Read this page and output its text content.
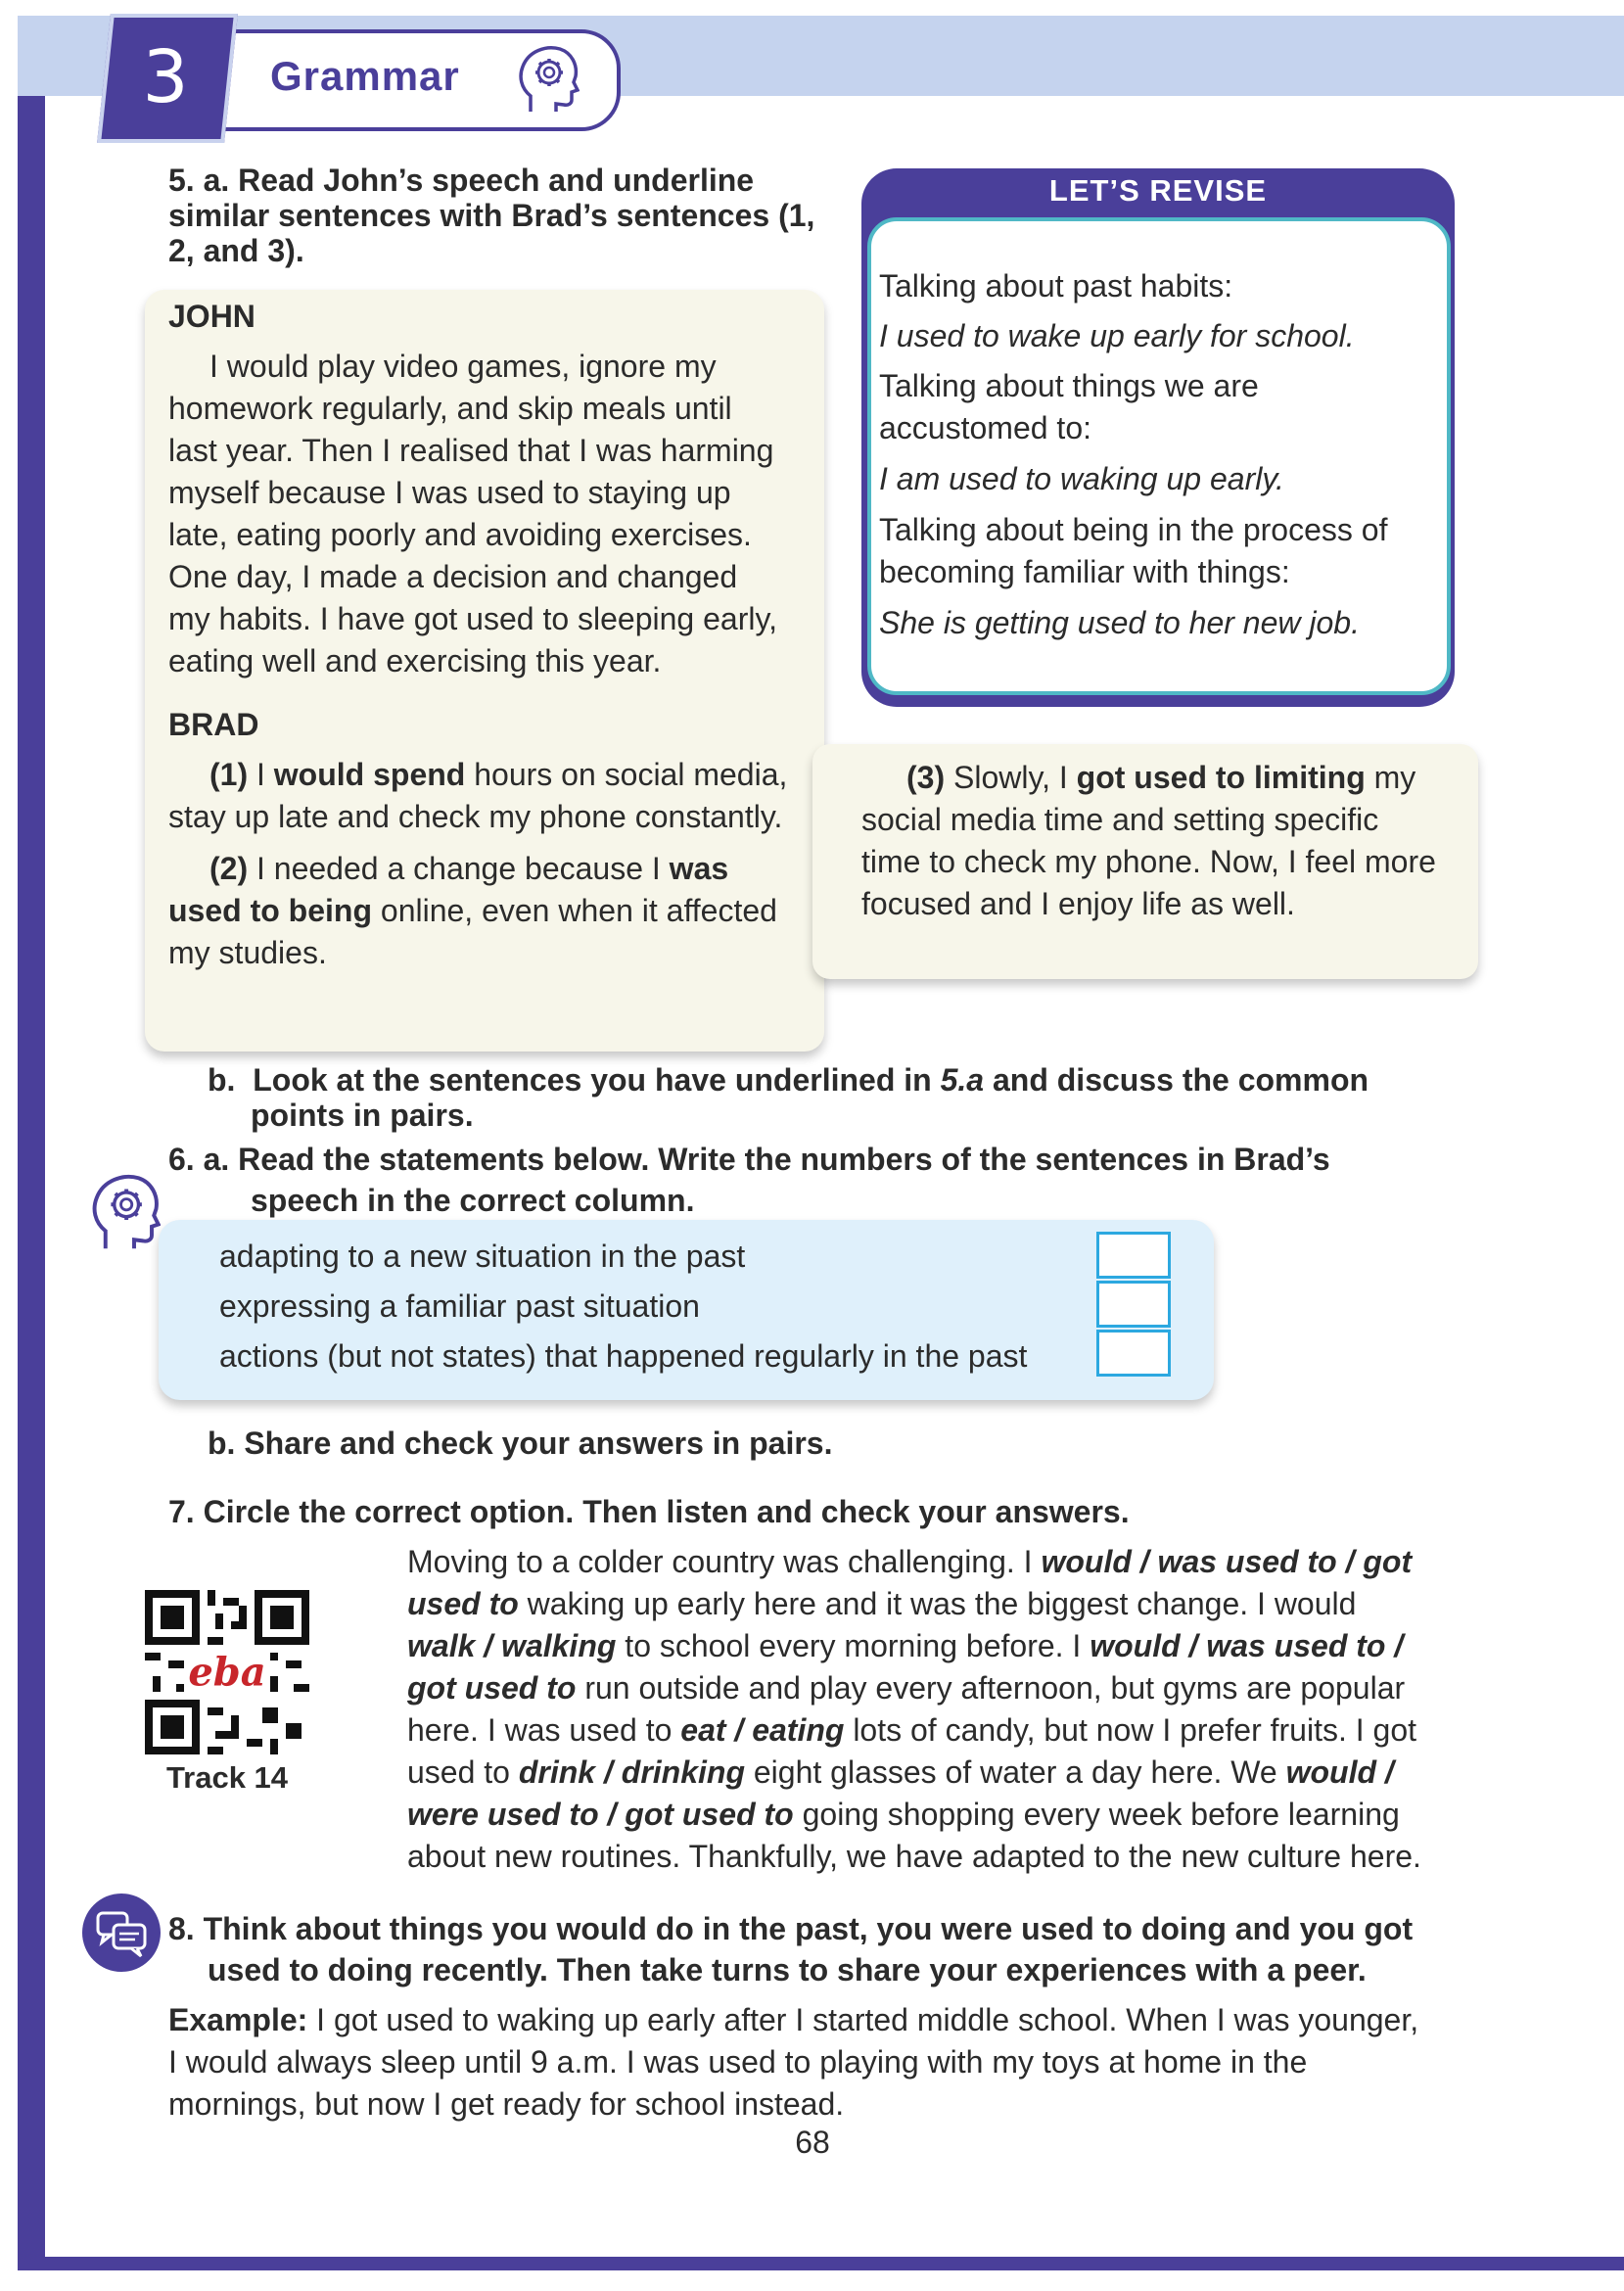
Grammar
3
5. a. Read John’s speech and underline
similar sentences with Brad’s sentences (1,
2, and 3).
LET’S REVISE
Talking about past habits:
I used to wake up early for school.
Talking about things we are
accustomed to:
I am used to waking up early.
Talking about being in the process of
becoming familiar with things:
She is getting used to her new job.
JOHN
I would play video games, ignore my
homework regularly, and skip meals until
last year. Then I realised that I was harming
myself because I was used to staying up
late, eating poorly and avoiding exercises.
One day, I made a decision and changed
my habits. I have got used to sleeping early,
eating well and exercising this year.
BRAD
(1) I would spend hours on social media,
stay up late and check my phone constantly.
(2) I needed a change because I was
used to being online, even when it affected
my studies.
(3) Slowly, I got used to limiting my
social media time and setting specific
time to check my phone. Now, I feel more
focused and I enjoy life as well.
b.  Look at the sentences you have underlined in 5.a and discuss the common
points in pairs.
6. a. Read the statements below. Write the numbers of the sentences in Brad’s
speech in the correct column.
adapting to a new situation in the past
expressing a familiar past situation
actions (but not states) that happened regularly in the past
b. Share and check your answers in pairs.
7. Circle the correct option. Then listen and check your answers.
eba
Track 14
Moving to a colder country was challenging. I would / was used to / got
used to waking up early here and it was the biggest change. I would
walk / walking to school every morning before. I would / was used to /
got used to run outside and play every afternoon, but gyms are popular
here. I was used to eat / eating lots of candy, but now I prefer fruits. I got
used to drink / drinking eight glasses of water a day here. We would /
were used to / got used to going shopping every week before learning
about new routines. Thankfully, we have adapted to the new culture here.
8. Think about things you would do in the past, you were used to doing and you got
used to doing recently. Then take turns to share your experiences with a peer.
Example: I got used to waking up early after I started middle school. When I was younger,
I would always sleep until 9 a.m. I was used to playing with my toys at home in the
mornings, but now I get ready for school instead.
68
